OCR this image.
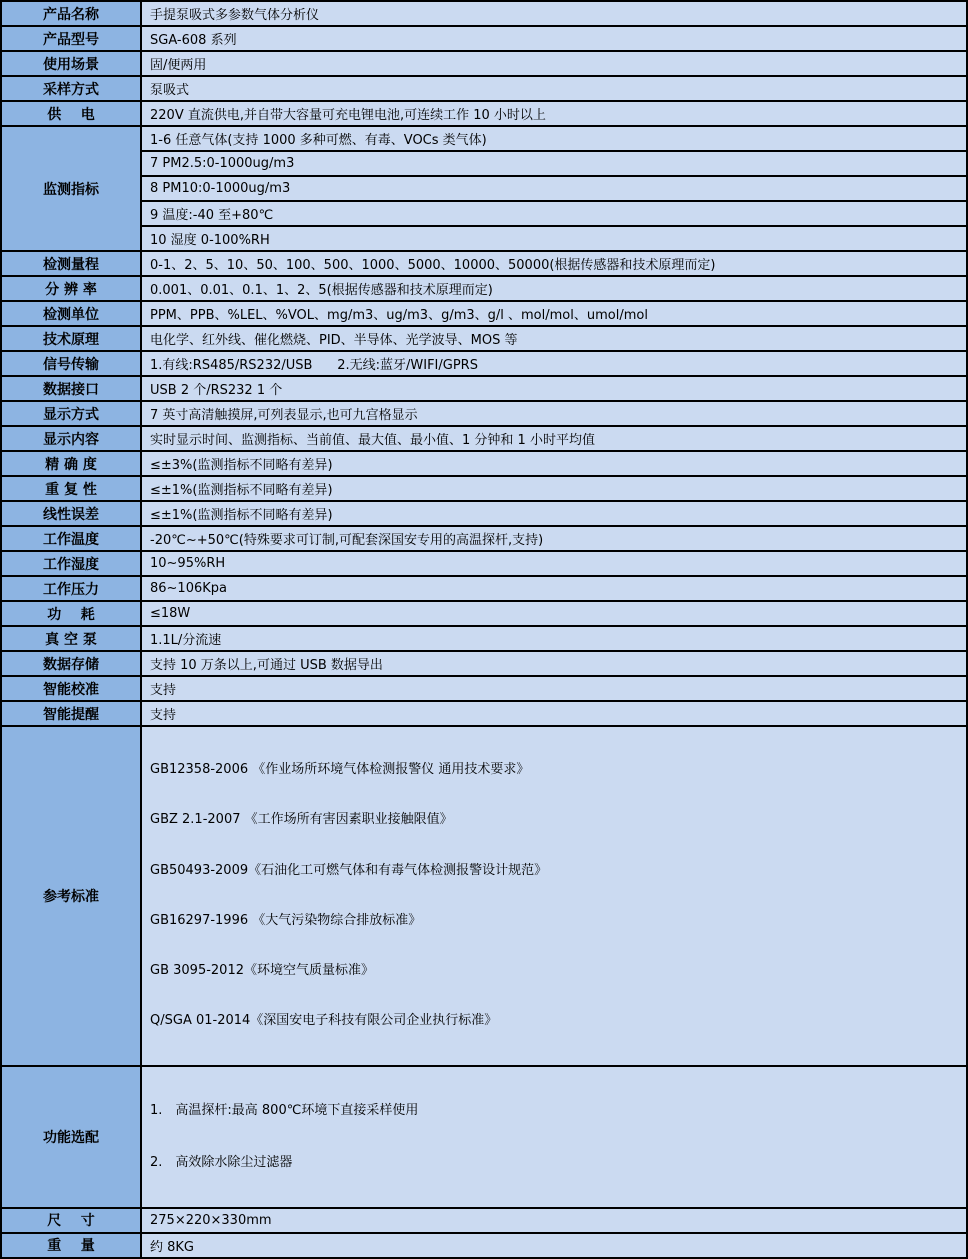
产品名称	手提泵吸式多参数气体分析仪
产品型号	SGA-608 系列
使用场景	固/便两用
采样方式	泵吸式
供    电	220V 直流供电,并自带大容量可充电锂电池,可连续工作 10 小时以上
监测指标	1-6 任意气体(支持 1000 多种可燃、有毒、VOCs 类气体)
	7 PM2.5:0-1000ug/m3
	8 PM10:0-1000ug/m3
	9 温度:-40 至+80℃
	10 湿度 0-100%RH
检测量程	0-1、2、5、10、50、100、500、1000、5000、10000、50000(根据传感器和技术原理而定)
分 辨 率	0.001、0.01、0.1、1、2、5(根据传感器和技术原理而定)
检测单位	PPM、PPB、%LEL、%VOL、mg/m3、ug/m3、g/m3、g/l 、mol/mol、umol/mol
技术原理	电化学、红外线、催化燃烧、PID、半导体、光学波导、MOS 等
信号传输	1.有线:RS485/RS232/USB      2.无线:蓝牙/WIFI/GPRS
数据接口	USB 2 个/RS232 1 个
显示方式	7 英寸高清触摸屏,可列表显示,也可九宫格显示
显示内容	实时显示时间、监测指标、当前值、最大值、最小值、1 分钟和 1 小时平均值
精 确 度	≤±3%(监测指标不同略有差异)
重 复 性	≤±1%(监测指标不同略有差异)
线性误差	≤±1%(监测指标不同略有差异)
工作温度	-20℃~+50℃(特殊要求可订制,可配套深国安专用的高温探杆,支持)
工作湿度	10~95%RH
工作压力	86~106Kpa
功    耗	≤18W
真 空 泵	1.1L/分流速
数据存储	支持 10 万条以上,可通过 USB 数据导出
智能校准	支持
智能提醒	支持
参考标准	

GB12358-2006 《作业场所环境气体检测报警仪 通用技术要求》

GBZ 2.1-2007 《工作场所有害因素职业接触限值》

GB50493-2009《石油化工可燃气体和有毒气体检测报警设计规范》

GB16297-1996 《大气污染物综合排放标准》

GB 3095-2012《环境空气质量标准》

Q/SGA 01-2014《深国安电子科技有限公司企业执行标准》

功能选配	1.　高温探杆:最高 800℃环境下直接采样使用

2.　高效除水除尘过滤器

尺    寸	275×220×330mm
重    量	约 8KG
